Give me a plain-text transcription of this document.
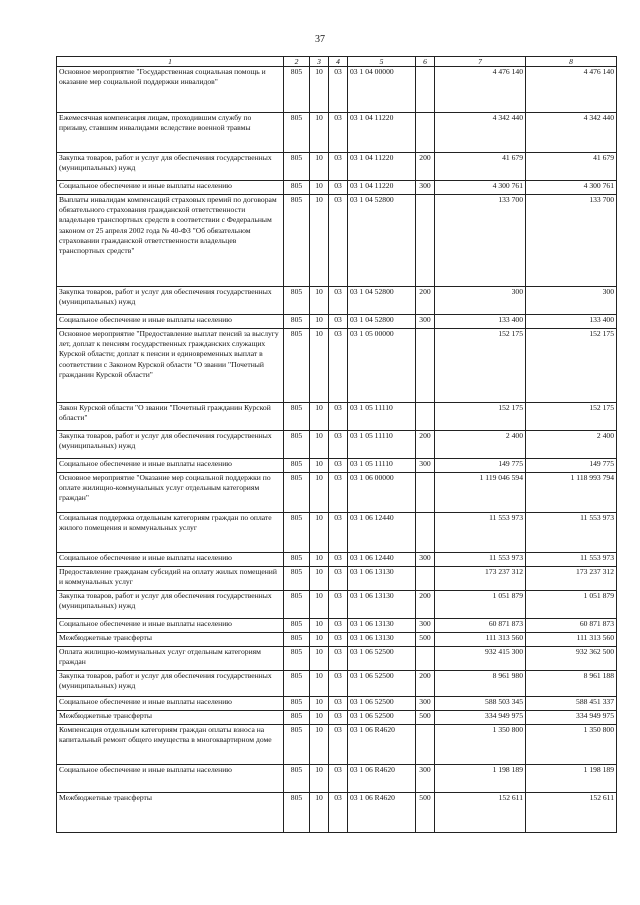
37
1	2	3	4	5	6	7	8
Основное мероприятие "Государственная социальная помощь и оказание мер социальной поддержки инвалидов"	805	10	03	03 1 04 00000		4 476 140	4 476 140
Ежемесячная компенсация лицам, проходившим службу по призыву, ставшим инвалидами вследствие военной травмы	805	10	03	03 1 04 11220		4 342 440	4 342 440
Закупка товаров, работ и услуг для обеспечения государственных (муниципальных) нужд	805	10	03	03 1 04 11220	200	41 679	41 679
Социальное обеспечение и иные выплаты населению	805	10	03	03 1 04 11220	300	4 300 761	4 300 761
Выплаты инвалидам компенсаций страховых премий по договорам обязательного страхования гражданской ответственности владельцев транспортных средств в соответствии с Федеральным законом от 25 апреля 2002 года № 40-ФЗ "Об обязательном страховании гражданской ответственности владельцев транспортных средств"	805	10	03	03 1 04 52800		133 700	133 700
Закупка товаров, работ и услуг для обеспечения государственных (муниципальных) нужд	805	10	03	03 1 04 52800	200	300	300
Социальное обеспечение и иные выплаты населению	805	10	03	03 1 04 52800	300	133 400	133 400
Основное мероприятие "Предоставление выплат пенсий за выслугу лет, доплат к пенсиям государственных гражданских служащих Курской области; доплат к пенсии и единовременных выплат в соответствии с Законом Курской области "О звании "Почетный гражданин Курской области"	805	10	03	03 1 05 00000		152 175	152 175
Закон Курской области "О звании "Почетный гражданин Курской области"	805	10	03	03 1 05 11110		152 175	152 175
Закупка товаров, работ и услуг для обеспечения государственных (муниципальных) нужд	805	10	03	03 1 05 11110	200	2 400	2 400
Социальное обеспечение и иные выплаты населению	805	10	03	03 1 05 11110	300	149 775	149 775
Основное мероприятие "Оказание мер социальной поддержки по оплате жилищно-коммунальных услуг отдельным категориям граждан"	805	10	03	03 1 06 00000		1 119 046 594	1 118 993 794
Социальная поддержка отдельным категориям граждан по оплате жилого помещения и коммунальных услуг	805	10	03	03 1 06 12440		11 553 973	11 553 973
Социальное обеспечение и иные выплаты населению	805	10	03	03 1 06 12440	300	11 553 973	11 553 973
Предоставление гражданам субсидий на оплату жилых помещений и коммунальных услуг	805	10	03	03 1 06 13130		173 237 312	173 237 312
Закупка товаров, работ и услуг для обеспечения государственных (муниципальных) нужд	805	10	03	03 1 06 13130	200	1 051 879	1 051 879
Социальное обеспечение и иные выплаты населению	805	10	03	03 1 06 13130	300	60 871 873	60 871 873
Межбюджетные трансферты	805	10	03	03 1 06 13130	500	111 313 560	111 313 560
Оплата жилищно-коммунальных услуг отдельным категориям граждан	805	10	03	03 1 06 52500		932 415 300	932 362 500
Закупка товаров, работ и услуг для обеспечения государственных (муниципальных) нужд	805	10	03	03 1 06 52500	200	8 961 980	8 961 188
Социальное обеспечение и иные выплаты населению	805	10	03	03 1 06 52500	300	588 503 345	588 451 337
Межбюджетные трансферты	805	10	03	03 1 06 52500	500	334 949 975	334 949 975
Компенсация отдельным категориям граждан оплаты взноса на капитальный ремонт общего имущества в многоквартирном доме	805	10	03	03 1 06 R4620		1 350 800	1 350 800
Социальное обеспечение и иные выплаты населению	805	10	03	03 1 06 R4620	300	1 198 189	1 198 189
Межбюджетные трансферты	805	10	03	03 1 06 R4620	500	152 611	152 611
